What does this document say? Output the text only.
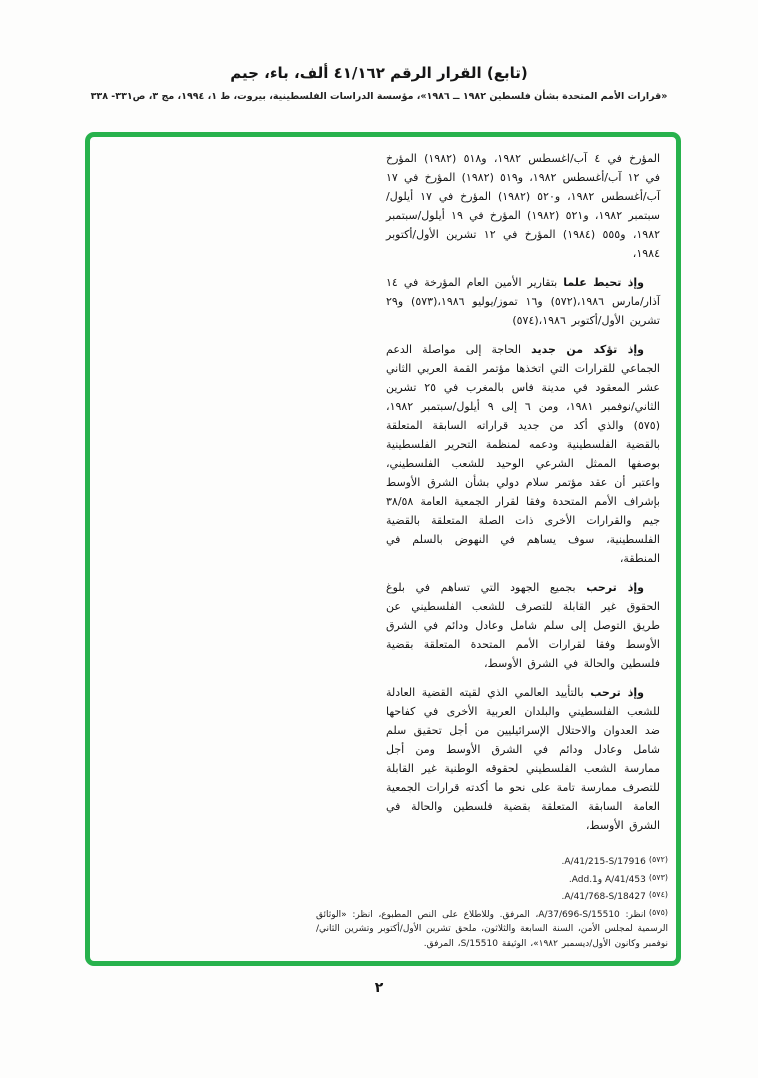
(تابع) القرار الرقم ٤١/١٦٢ ألف، باء، جيم
«قرارات الأمم المتحدة بشأن فلسطين ١٩٨٢ ــ ١٩٨٦»، مؤسسة الدراسات الفلسطينية، بيروت، ط ١، ١٩٩٤، مج ٣، ص٣٣١- ٣٣٨

المؤرخ في ٤ آب/اغسطس ١٩٨٢، و٥١٨ (١٩٨٢) المؤرخ في ١٢ آب/أغسطس ١٩٨٢، و٥١٩ (١٩٨٢) المؤرخ في ١٧ آب/أغسطس ١٩٨٢، و٥٢٠ (١٩٨٢) المؤرخ في ١٧ أيلول/سبتمبر ١٩٨٢، و٥٢١ (١٩٨٢) المؤرخ في ١٩ أيلول/سبتمبر ١٩٨٢، و٥٥٥ (١٩٨٤) المؤرخ في ١٢ تشرين الأول/أكتوبر ١٩٨٤،

وإذ تحيط علما بتقارير الأمين العام المؤرخة في ١٤ آذار/مارس ١٩٨٦،(٥٧٢) و١٦ تموز/يوليو ١٩٨٦،(٥٧٣) و٢٩ تشرين الأول/أكتوبر ١٩٨٦،(٥٧٤)

وإذ تؤكد من جديد الحاجة إلى مواصلة الدعم الجماعي للقرارات التي اتخذها مؤتمر القمة العربي الثاني عشر المعقود في مدينة فاس بالمغرب في ٢٥ تشرين الثاني/نوفمبر ١٩٨١، ومن ٦ إلى ٩ أيلول/سبتمبر ١٩٨٢،(٥٧٥) والذي أكد من جديد قراراته السابقة المتعلقة بالقضية الفلسطينية ودعمه لمنظمة التحرير الفلسطينية بوصفها الممثل الشرعي الوحيد للشعب الفلسطيني، واعتبر أن عقد مؤتمر سلام دولي بشأن الشرق الأوسط بإشراف الأمم المتحدة وفقا لقرار الجمعية العامة ٣٨/٥٨ جيم والقرارات الأخرى ذات الصلة المتعلقة بالقضية الفلسطينية، سوف يساهم في النهوض بالسلم في المنطقة،

وإذ ترحب بجميع الجهود التي تساهم في بلوغ الحقوق غير القابلة للتصرف للشعب الفلسطيني عن طريق التوصل إلى سلم شامل وعادل ودائم في الشرق الأوسط وفقا لقرارات الأمم المتحدة المتعلقة بقضية فلسطين والحالة في الشرق الأوسط،

وإذ ترحب بالتأييد العالمي الذي لقيته القضية العادلة للشعب الفلسطيني والبلدان العربية الأخرى في كفاحها ضد العدوان والاحتلال الإسرائيليين من أجل تحقيق سلم شامل وعادل ودائم في الشرق الأوسط ومن أجل ممارسة الشعب الفلسطيني لحقوقه الوطنية غير القابلة للتصرف ممارسة تامة على نحو ما أكدته قرارات الجمعية العامة السابقة المتعلقة بقضية فلسطين والحالة في الشرق الأوسط،

(٥٧٢)A/41/215-S/17916.
(٥٧٣)A/41/453 وAdd.1.
(٥٧٤)A/41/768-S/18427.
(٥٧٥)انظر: A/37/696-S/15510، المرفق. وللاطلاع على النص المطبوع، انظر: «الوثائق الرسمية لمجلس الأمن، السنة السابعة والثلاثون، ملحق تشرين الأول/أكتوبر وتشرين الثاني/نوفمبر وكانون الأول/ديسمبر ١٩٨٢»، الوثيقة S/15510، المرفق.
٢
